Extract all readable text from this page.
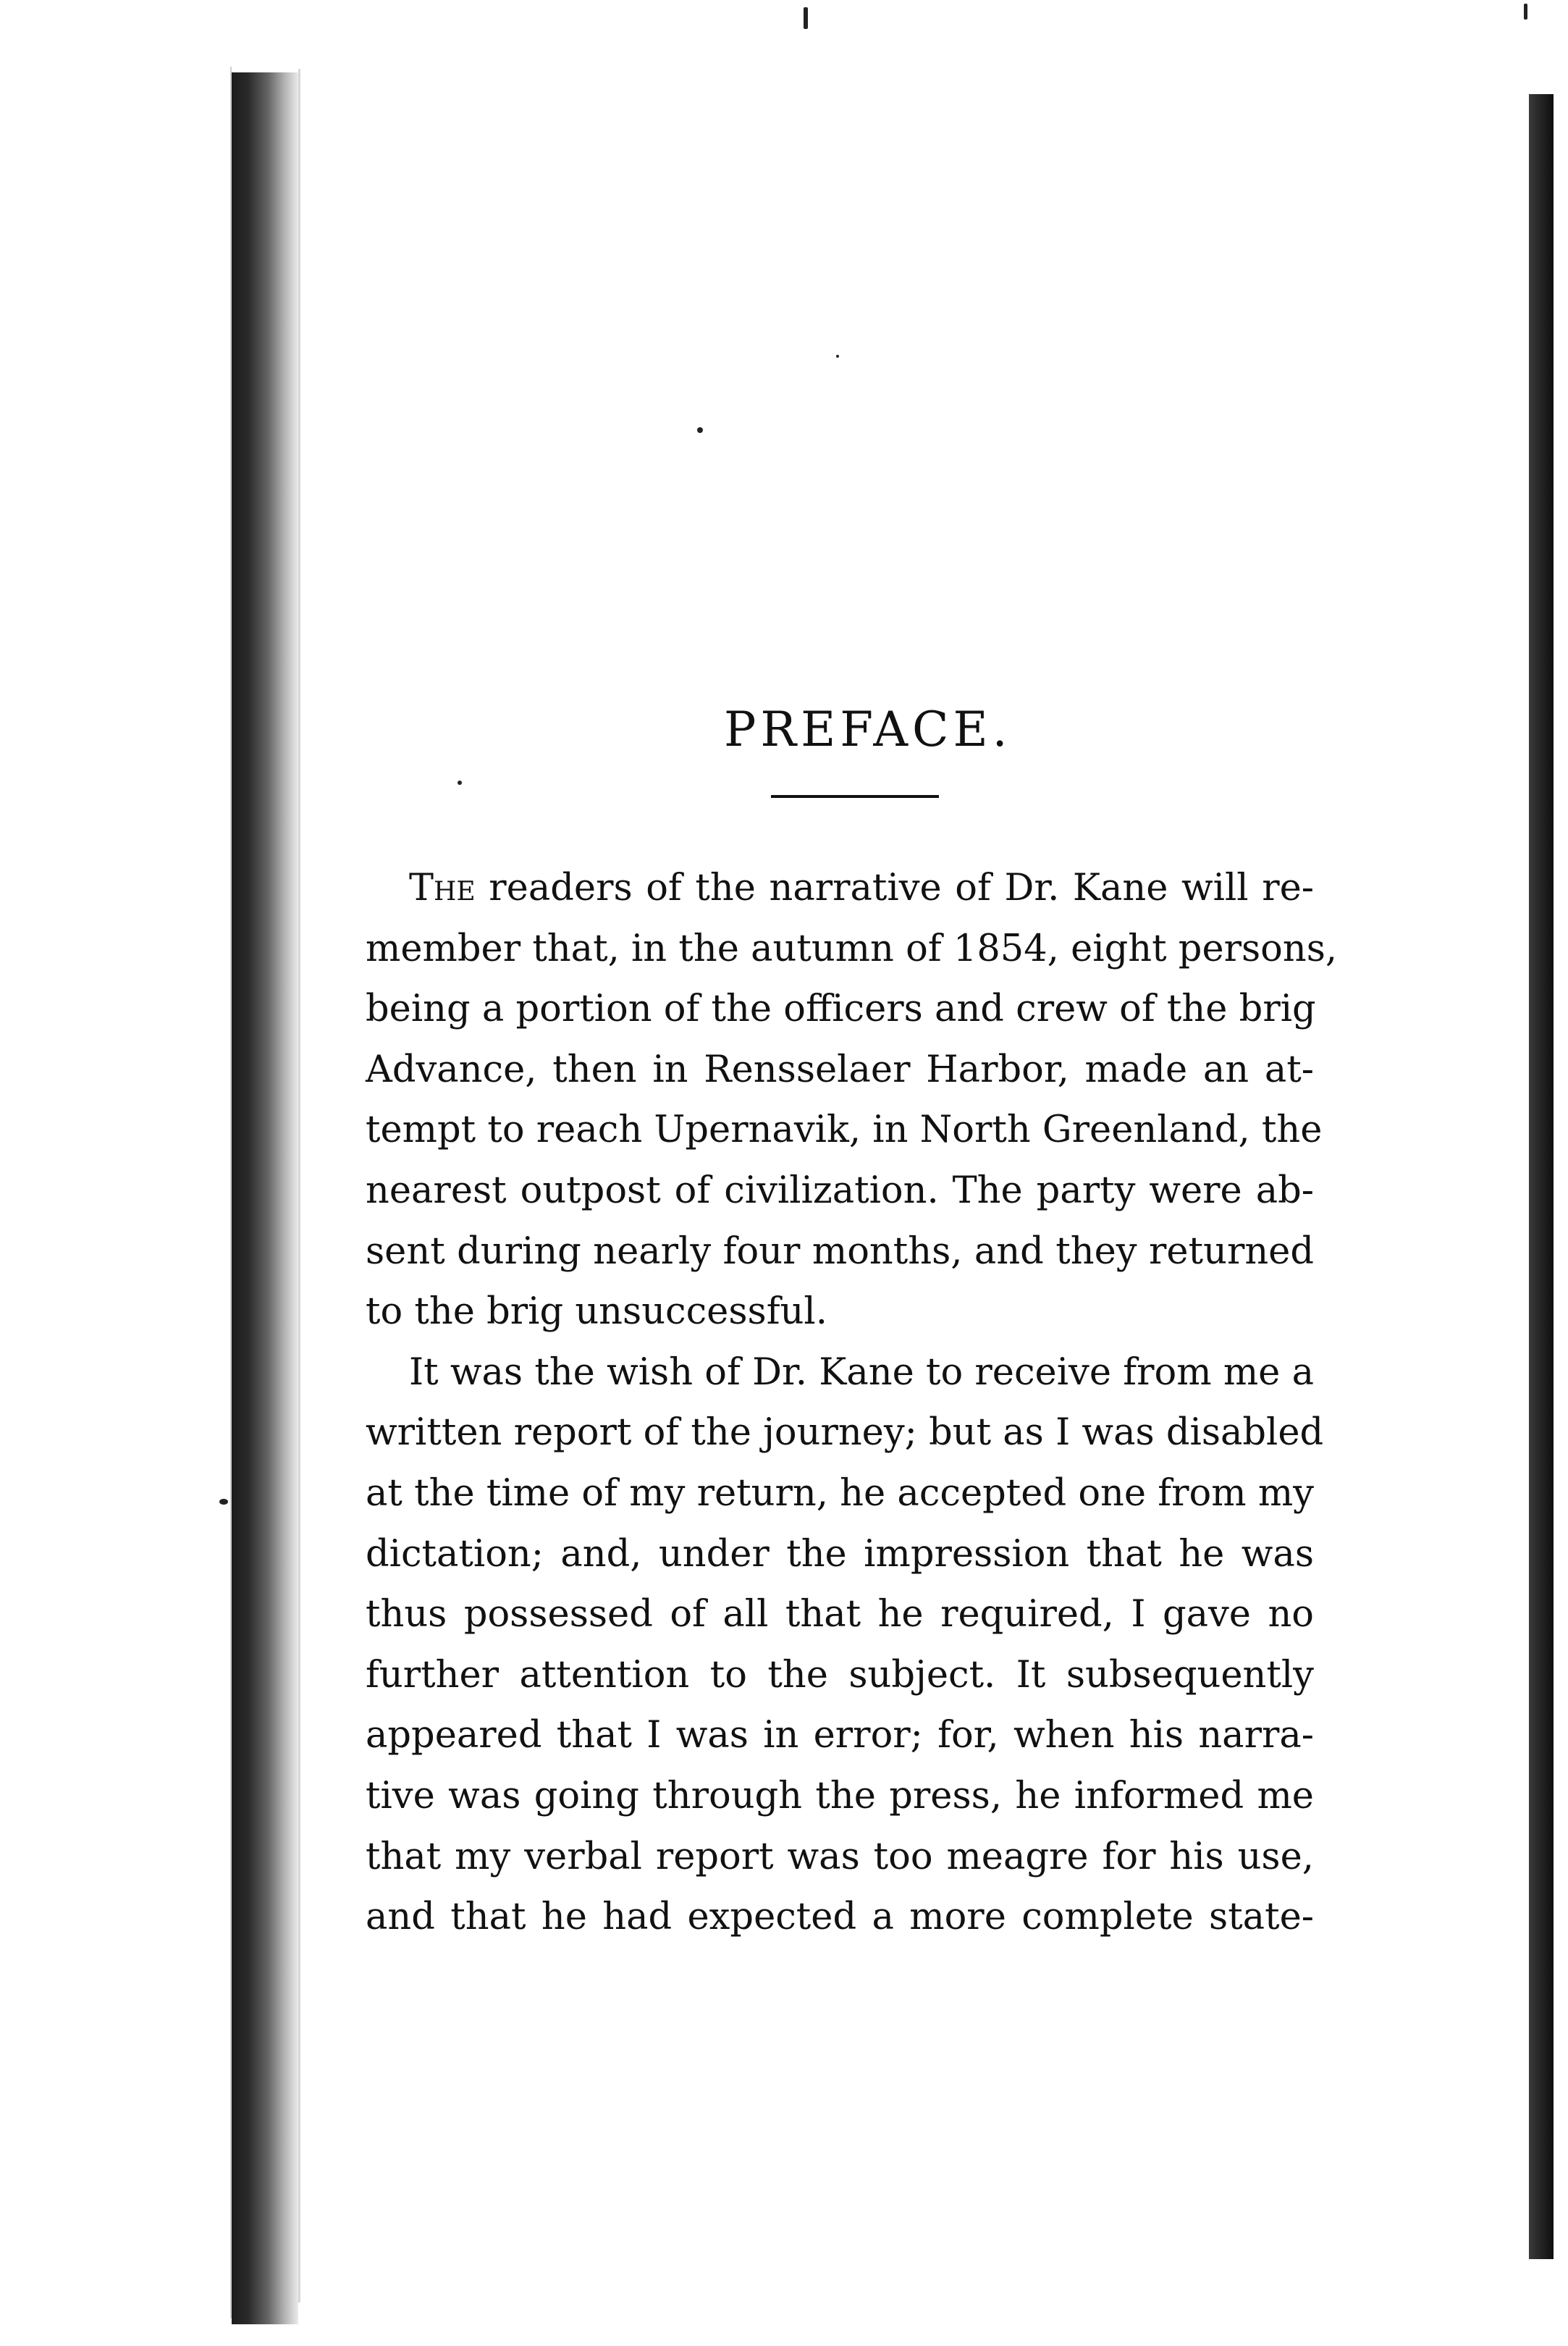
PREFACE.
The readers of the narrative of Dr. Kane will re-
member that, in the autumn of 1854, eight persons,
being a portion of the officers and crew of the brig
Advance, then in Rensselaer Harbor, made an at-
tempt to reach Upernavik, in North Greenland, the
nearest outpost of civilization. The party were ab-
sent during nearly four months, and they returned
to the brig unsuccessful.
It was the wish of Dr. Kane to receive from me a
written report of the journey; but as I was disabled
at the time of my return, he accepted one from my
dictation; and, under the impression that he was
thus possessed of all that he required, I gave no
further attention to the subject. It subsequently
appeared that I was in error; for, when his narra-
tive was going through the press, he informed me
that my verbal report was too meagre for his use,
and that he had expected a more complete state-
